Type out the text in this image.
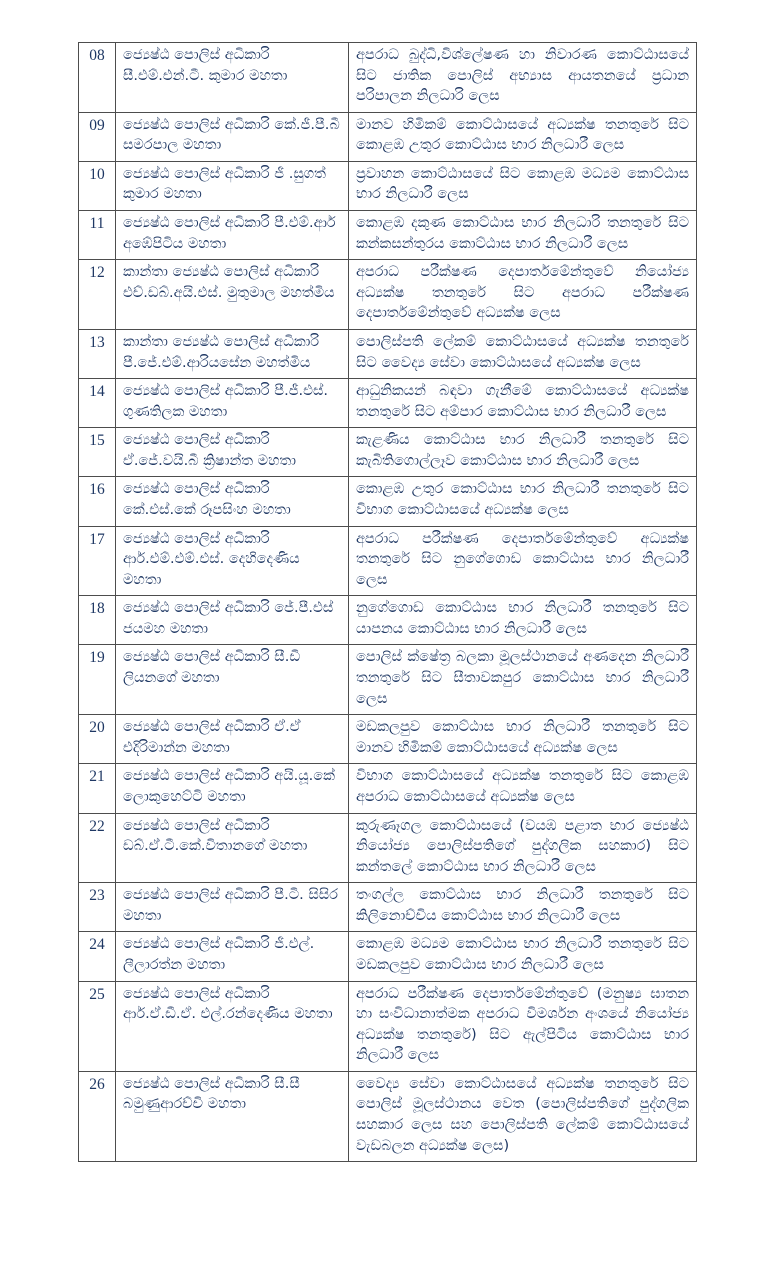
08	ජ්‍යෙෂ්ඨ පොලිස් අධිකාරි සී.එම්.එන්.ටී. කුමාර මහතා	අපරාධ බුද්ධි,විශ්ලේෂණ හා නිවාරණ කොට්ඨාසයේ සිට ජාතික පොලිස් අභ්‍යාස ආයතනයේ ප්‍රධාන පරිපාලන නිලධාරි ලෙස
09	ජ්‍යෙෂ්ඨ පොලිස් අධිකාරි කේ.ජී.පී.බී සමරපාල මහතා	මානව හිමිකම් කොට්ඨාසයේ අධ්‍යක්ෂ තනතුරේ සිට කොළඹ උතුර කොට්ඨාස භාර නිලධාරී ලෙස
10	ජ්‍යෙෂ්ඨ පොලිස් අධිකාරි ජී .සුගත් කුමාර මහතා	ප්‍රවාහන කොට්ඨාසයේ සිට කොළඹ මධ්‍යම කොට්ඨාස භාර නිලධාරී ලෙස
11	ජ්‍යෙෂ්ඨ පොලිස් අධිකාරි පී.එම්.ආර් අඹේපිටිය මහතා	කොළඹ දකුණ කොට්ඨාස භාර නිලධාරි තනතුරේ සිට කන්කසන්තුරය කොට්ඨාස භාර නිලධාරී ලෙස
12	කාන්තා ජ්‍යෙෂ්ඨ පොලිස් අධිකාරි එච්.ඩබ්.අයි.එස්. මුතුමාල මහත්මිය	අපරාධ පරීක්ෂණ දෙපාර්තමේන්තුවේ නියෝජ්‍ය අධ්‍යක්ෂ තනතුරේ සිට අපරාධ පරීක්ෂණ දෙපාර්තමේන්තුවේ අධ්‍යක්ෂ ලෙස
13	කාන්තා ජ්‍යෙෂ්ඨ පොලිස් අධිකාරි පී.ජේ.එම්.ආරියසේන මහත්මිය	පොලිස්පති ලේකම් කොට්ඨාසයේ අධ්‍යක්ෂ තනතුරේ සිට වෛද්‍ය සේවා කොට්ඨාසයේ අධ්‍යක්ෂ ලෙස
14	ජ්‍යෙෂ්ඨ පොලිස් අධිකාරි පී.ජී.එස්. ගුණතිලක මහතා	ආධුනිකයන් බඳවා ගැනීමේ කොට්ඨාසයේ අධ්‍යක්ෂ තනතුරේ සිට අම්පාර කොට්ඨාස භාර නිලධාරී ලෙස
15	ජ්‍යෙෂ්ඨ පොලිස් අධිකාරි ඒ.ජේ.වයි.බී ක්‍රිෂාන්ත මහතා	කැළණිය කොට්ඨාස භාර නිලධාරී තනතුරේ සිට කැබිතිගොල්ලෑව කොට්ඨාස භාර නිලධාරී ලෙස
16	ජ්‍යෙෂ්ඨ පොලිස් අධිකාරි කේ.එස්.කේ රූපසිංහ මහතා	කොළඹ උතුර කොට්ඨාස භාර නිලධාරී තනතුරේ සිට විභාග කොට්ඨාසයේ අධ්‍යක්ෂ ලෙස
17	ජ්‍යෙෂ්ඨ පොලිස් අධිකාරි ආර්.එම්.එම්.එස්. දෙහිදෙණිය මහතා	අපරාධ පරීක්ෂණ දෙපාර්තමේන්තුවේ අධ්‍යක්ෂ තනතුරේ සිට නුගේගොඩ කොට්ඨාස භාර නිලධාරී ලෙස
18	ජ්‍යෙෂ්ඨ පොලිස් අධිකාරි ජේ.පී.එස් ජයමහ මහතා	නුගේගොඩ කොට්ඨාස භාර නිලධාරී තනතුරේ සිට යාපනය කොට්ඨාස භාර නිලධාරී ලෙස
19	ජ්‍යෙෂ්ඨ පොලිස් අධිකාරි සී.ඩී ලියනගේ මහතා	පොලිස් ක්ෂේත්‍ර බලකා මූලස්ථානයේ අණදෙන නිලධාරී තනතුරේ සිට සීතාවකපුර කොට්ඨාස භාර නිලධාරී ලෙස
20	ජ්‍යෙෂ්ඨ පොලිස් අධිකාරි ඒ.ඒ එදිරිමාන්න මහතා	මඩකලපුව කොට්ඨාස භාර නිලධාරී තනතුරේ සිට මානව හිමිකම් කොට්ඨාසයේ අධ්‍යක්ෂ ලෙස
21	ජ්‍යෙෂ්ඨ පොලිස් අධිකාරි අයි.යූ.කේ ලොකුහෙට්ටි මහතා	විභාග කොට්ඨාසයේ අධ්‍යක්ෂ තනතුරේ සිට කොළඹ අපරාධ කොට්ඨාසයේ අධ්‍යක්ෂ ලෙස
22	ජ්‍යෙෂ්ඨ පොලිස් අධිකාරි ඩබ්.ඒ.ටී.කේ.විතානගේ මහතා	කුරුණෑගල කොට්ඨාසයේ (වයඹ පළාත භාර ජ්‍යෙෂ්ඨ නියෝජ්‍ය පොලිස්පතිගේ පුද්ගලික සහකාර) සිට කන්තලේ කොට්ඨාස භාර නිලධාරී ලෙස
23	ජ්‍යෙෂ්ඨ පොලිස් අධිකාරි පී.ටී. සිසිර මහතා	තංගල්ල කොට්ඨාස භාර නිලධාරී තනතුරේ සිට කිලිනොච්චිය කොට්ඨාස භාර නිලධාරී ලෙස
24	ජ්‍යෙෂ්ඨ පොලිස් අධිකාරි ජී.එල්. ලීලාරත්න මහතා	කොළඹ මධ්‍යම කොට්ඨාස භාර නිලධාරී තනතුරේ සිට මඩකලපුව කොට්ඨාස භාර නිලධාරී ලෙස
25	ජ්‍යෙෂ්ඨ පොලිස් අධිකාරි ආර්.ඒ.ඩී.ඒ. එල්.රන්දෙණිය මහතා	අපරාධ පරීක්ෂණ දෙපාර්තමේන්තුවේ (මනුෂ්‍ය ඝාතන හා සංවිධානාත්මක අපරාධ විමර්ශන අංශයේ නියෝජ්‍ය අධ්‍යක්ෂ තනතුරේ) සිට ඇල්පිටිය කොට්ඨාස භාර නිලධාරී ලෙස
26	ජ්‍යෙෂ්ඨ පොලිස් අධිකාරි සී.සී බමුණුආරච්චි මහතා	වෛද්‍ය සේවා කොට්ඨාසයේ අධ්‍යක්ෂ තනතුරේ සිට පොලිස් මූලස්ථානය වෙත (පොලිස්පතිගේ පුද්ගලික සහකාර ලෙස සහ පොලිස්පති ලේකම් කොට්ඨාසයේ වැඩබලන අධ්‍යක්ෂ ලෙස)
